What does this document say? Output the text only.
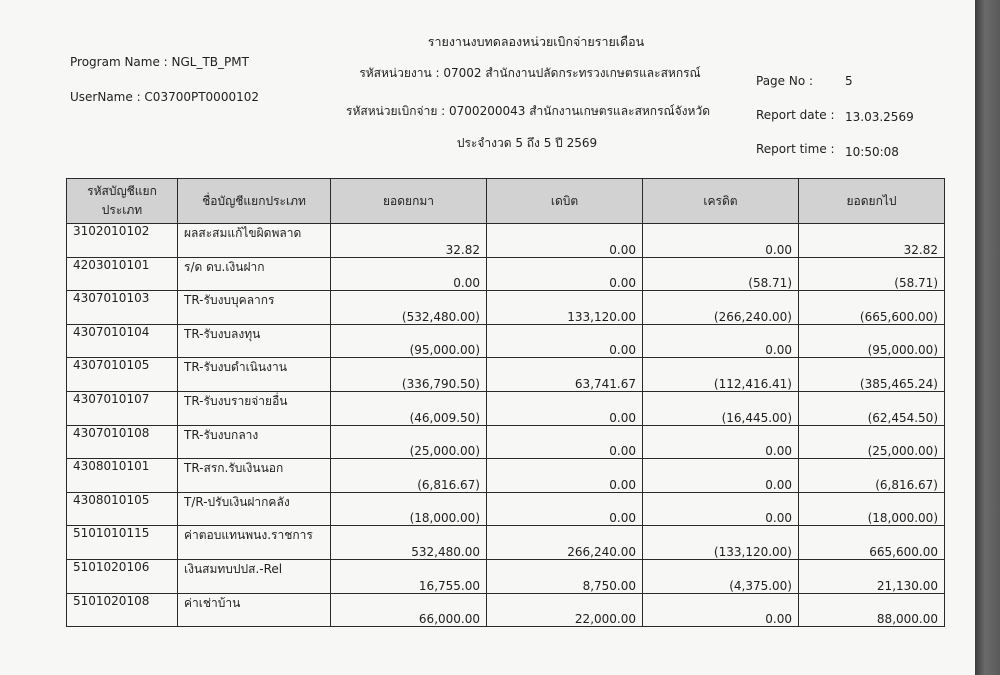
Program Name : NGL_TB_PMT
UserName : C03700PT0000102
รายงานงบทดลองหน่วยเบิกจ่ายรายเดือน
รหัสหน่วยงาน : 07002 สำนักงานปลัดกระทรวงเกษตรและสหกรณ์
รหัสหน่วยเบิกจ่าย : 0700200043 สำนักงานเกษตรและสหกรณ์จังหวัด
ประจำงวด 5 ถึง 5 ปี 2569
Page No :	5
Report date : 13.03.2569
Report time : 10:50:08
รหัสบัญชีแยกประเภท	ชื่อบัญชีแยกประเภท	ยอดยกมา	เดบิต	เครดิต	ยอดยกไป
3102010102	ผลสะสมแก้ไขผิดพลาด	32.82	0.00	0.00	32.82
4203010101	ร/ด ดบ.เงินฝาก	0.00	0.00	(58.71)	(58.71)
4307010103	TR-รับงบบุคลากร	(532,480.00)	133,120.00	(266,240.00)	(665,600.00)
4307010104	TR-รับงบลงทุน	(95,000.00)	0.00	0.00	(95,000.00)
4307010105	TR-รับงบดำเนินงาน	(336,790.50)	63,741.67	(112,416.41)	(385,465.24)
4307010107	TR-รับงบรายจ่ายอื่น	(46,009.50)	0.00	(16,445.00)	(62,454.50)
4307010108	TR-รับงบกลาง	(25,000.00)	0.00	0.00	(25,000.00)
4308010101	TR-สรก.รับเงินนอก	(6,816.67)	0.00	0.00	(6,816.67)
4308010105	T/R-ปรับเงินฝากคลัง	(18,000.00)	0.00	0.00	(18,000.00)
5101010115	ค่าตอบแทนพนง.ราชการ	532,480.00	266,240.00	(133,120.00)	665,600.00
5101020106	เงินสมทบปปส.-Rel	16,755.00	8,750.00	(4,375.00)	21,130.00
5101020108	ค่าเช่าบ้าน	66,000.00	22,000.00	0.00	88,000.00
